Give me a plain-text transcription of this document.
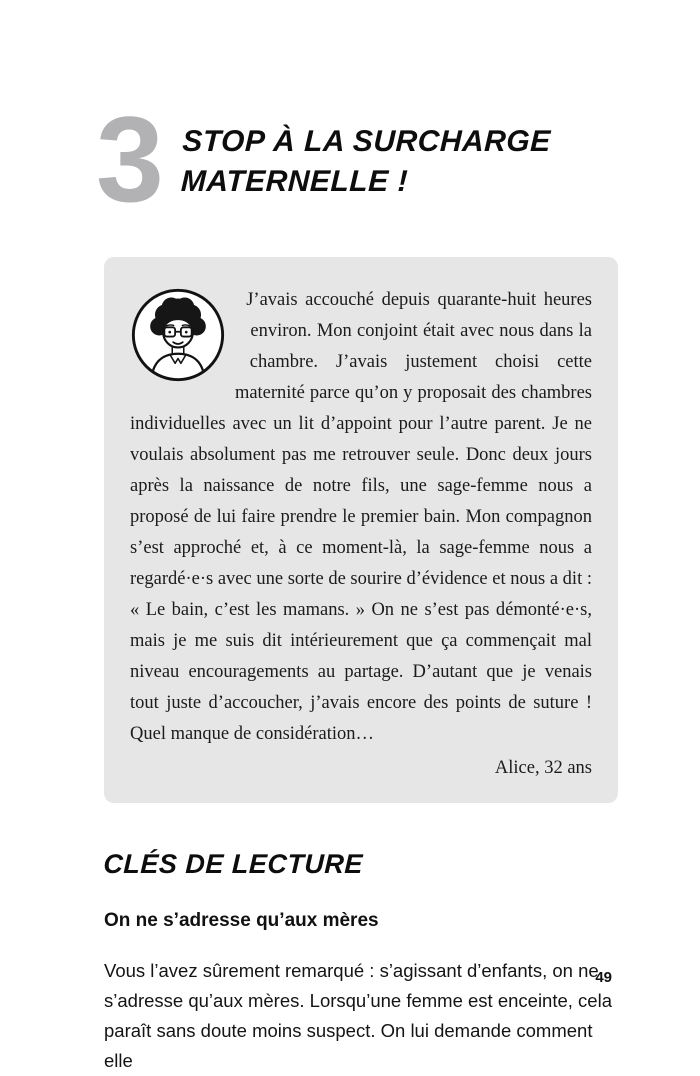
3 STOP À LA SURCHARGE
MATERNELLE !

J’avais accouché depuis quarante-huit heures environ. Mon conjoint était avec nous dans la chambre. J’avais justement choisi cette maternité parce qu’on y proposait des chambres individuelles avec un lit d’appoint pour l’autre parent. Je ne voulais absolument pas me retrouver seule. Donc deux jours après la naissance de notre fils, une sage-femme nous a proposé de lui faire prendre le premier bain. Mon compagnon s’est approché et, à ce moment-là, la sage-femme nous a regardé·e·s avec une sorte de sourire d’évidence et nous a dit : « Le bain, c’est les mamans. » On ne s’est pas démonté·e·s, mais je me suis dit intérieurement que ça commençait mal niveau encouragements au partage. D’autant que je venais tout juste d’accoucher, j’avais encore des points de suture ! Quel manque de considération…

Alice, 32 ans

CLÉS DE LECTURE
On ne s’adresse qu’aux mères

Vous l’avez sûrement remarqué : s’agissant d’enfants, on ne s’adresse qu’aux mères. Lorsqu’une femme est enceinte, cela paraît sans doute moins suspect. On lui demande comment elle

49
